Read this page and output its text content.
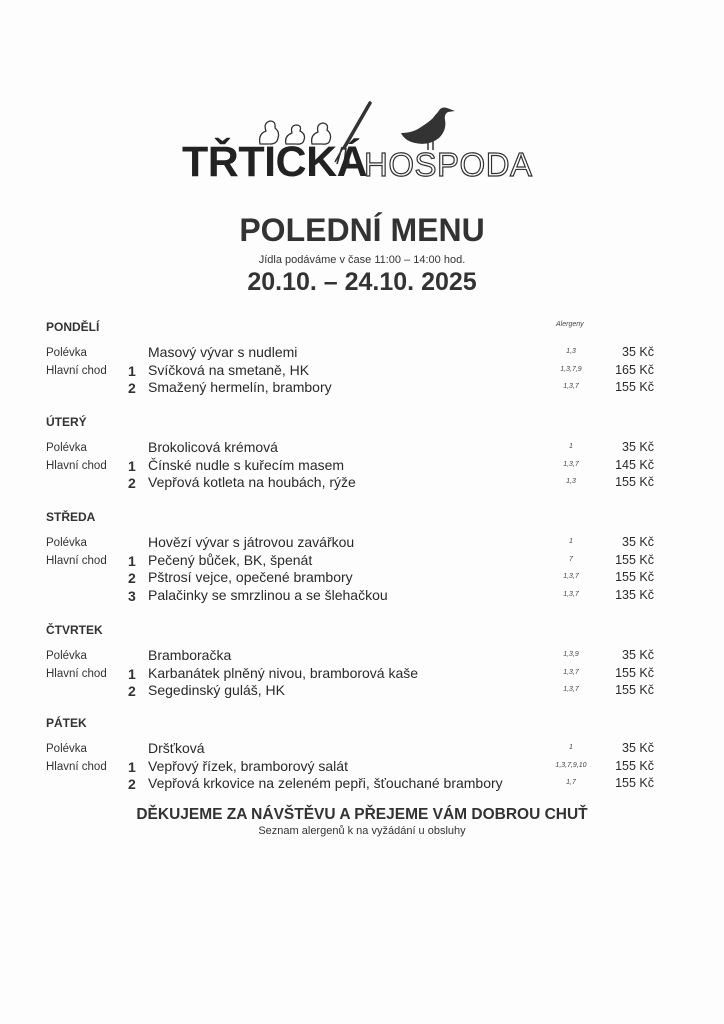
TŘTICKÁ
HOSPODA
POLEDNÍ MENU
Jídla podáváme v čase 11:00 – 14:00 hod.
20.10. – 24.10. 2025
Alergeny
PONDĚLÍ
Polévka	Masový vývar s nudlemi	1,3	35 Kč
Hlavní chod 1 Svíčková na smetaně, HK	1,3,7,9	165 Kč
2 Smažený hermelín, brambory	1,3,7	155 Kč
ÚTERÝ
Polévka	Brokolicová krémová	1	35 Kč
Hlavní chod 1 Čínské nudle s kuřecím masem	1,3,7	145 Kč
2 Vepřová kotleta na houbách, rýže	1,3	155 Kč
STŘEDA
Polévka	Hovězí vývar s játrovou zavářkou	1	35 Kč
Hlavní chod 1 Pečený bůček, BK, špenát	7	155 Kč
2 Pštrosí vejce, opečené brambory	1,3,7	155 Kč
3 Palačinky se smrzlinou a se šlehačkou	1,3,7	135 Kč
ČTVRTEK
Polévka	Bramboračka	1,3,9	35 Kč
Hlavní chod 1 Karbanátek plněný nivou, bramborová kaše	1,3,7	155 Kč
2 Segedinský guláš, HK	1,3,7	155 Kč
PÁTEK
Polévka	Dršťková	1	35 Kč
Hlavní chod 1 Vepřový řízek, bramborový salát	1,3,7,9,10	155 Kč
2 Vepřová krkovice na zeleném pepři, šťouchané brambory	1,7	155 Kč
DĚKUJEME ZA NÁVŠTĚVU A PŘEJEME VÁM DOBROU CHUŤ
Seznam alergenů k na vyžádání u obsluhy
